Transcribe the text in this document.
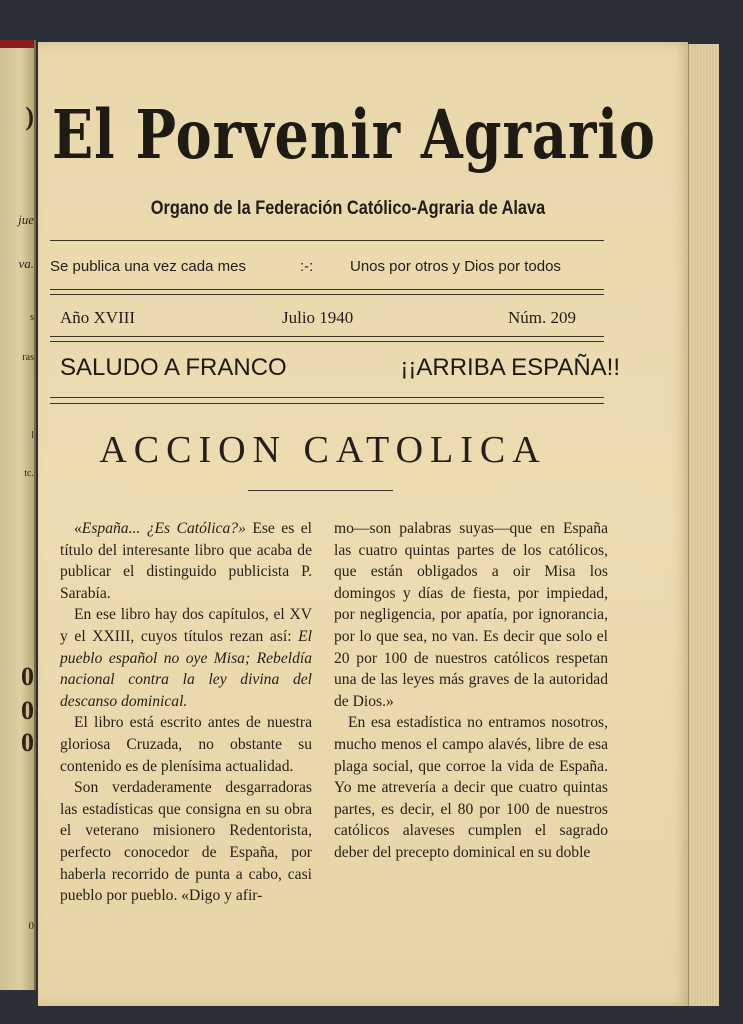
)
jue
va.
s
ras
l
tc.
0
0
0
0
El Porvenir Agrario
Organo de la Federación Católico-Agraria de Alava
Se publica una vez cada mes	:-: Unos por otros y Dios por todos
Año XVIII	Julio 1940	Núm. 209
SALUDO A FRANCO	¡¡ARRIBA ESPAÑA!!
ACCION CATOLICA

«España... ¿Es Católica?» Ese es el título del interesante libro que acaba de publicar el distinguido publicista P. Sarabía.

En ese libro hay dos capítulos, el XV y el XXIII, cuyos títulos rezan así: El pueblo español no oye Misa; Rebeldía nacional contra la ley divina del descanso dominical.

El libro está escrito antes de nuestra gloriosa Cruzada, no obstante su contenido es de plenísima actualidad.

Son verdaderamente desgarradoras las estadísticas que consigna en su obra el veterano misionero Redentorista, perfecto conocedor de España, por haberla recorrido de punta a cabo, casi pueblo por pueblo. «Digo y afir-

mo—son palabras suyas—que en España las cuatro quintas partes de los católicos, que están obligados a oir Misa los domingos y días de fiesta, por impiedad, por negligencia, por apatía, por ignorancia, por lo que sea, no van. Es decir que solo el 20 por 100 de nuestros católicos respetan una de las leyes más graves de la autoridad de Dios.»

En esa estadística no entramos nosotros, mucho menos el campo alavés, libre de esa plaga social, que corroe la vida de España. Yo me atrevería a decir que cuatro quintas partes, es decir, el 80 por 100 de nuestros católicos alaveses cumplen el sagrado deber del precepto dominical en su doble
